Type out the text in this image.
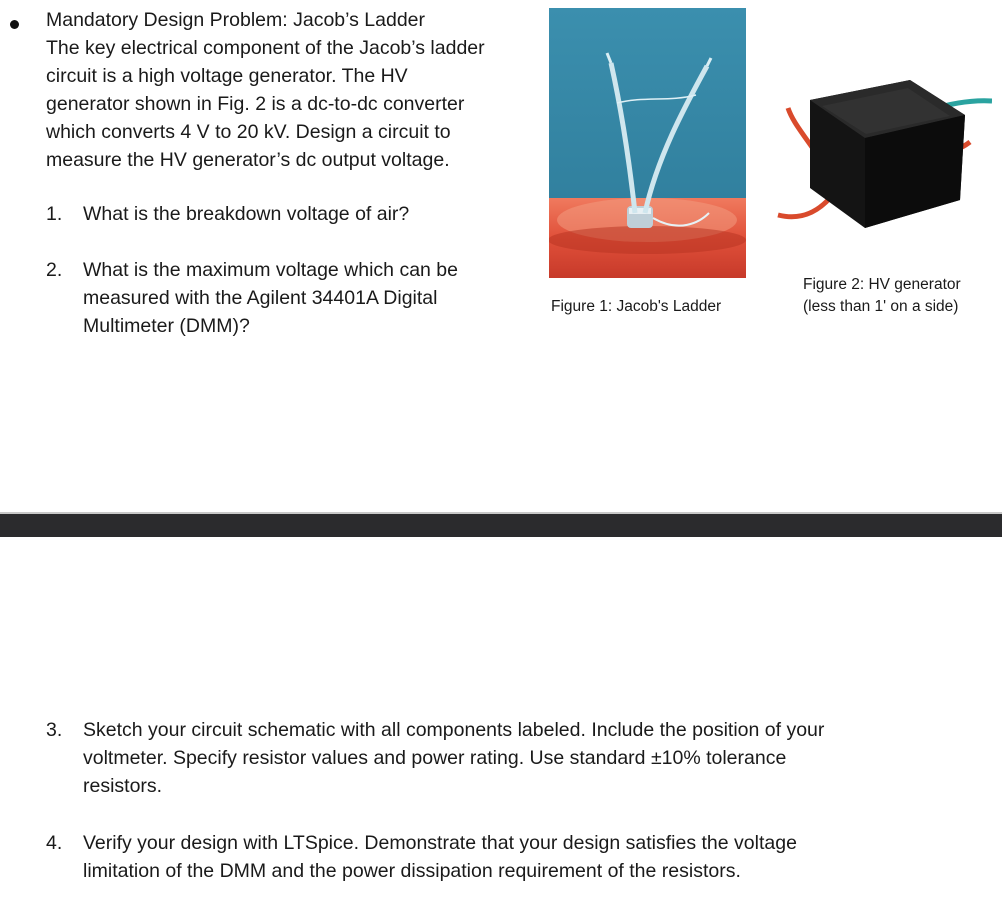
Mandatory Design Problem: Jacob’s Ladder
The key electrical component of the Jacob’s ladder
circuit is a high voltage generator. The HV
generator shown in Fig. 2 is a dc-to-dc converter
which converts 4 V to 20 kV. Design a circuit to
measure the HV generator’s dc output voltage.
1. What is the breakdown voltage of air?
2. What is the maximum voltage which can be
measured with the Agilent 34401A Digital
Multimeter (DMM)?
Figure 1: Jacob's Ladder
Figure 2: HV generator
(less than 1' on a side)
3. Sketch your circuit schematic with all components labeled. Include the position of your
voltmeter. Specify resistor values and power rating. Use standard ±10% tolerance
resistors.
4. Verify your design with LTSpice. Demonstrate that your design satisfies the voltage
limitation of the DMM and the power dissipation requirement of the resistors.
